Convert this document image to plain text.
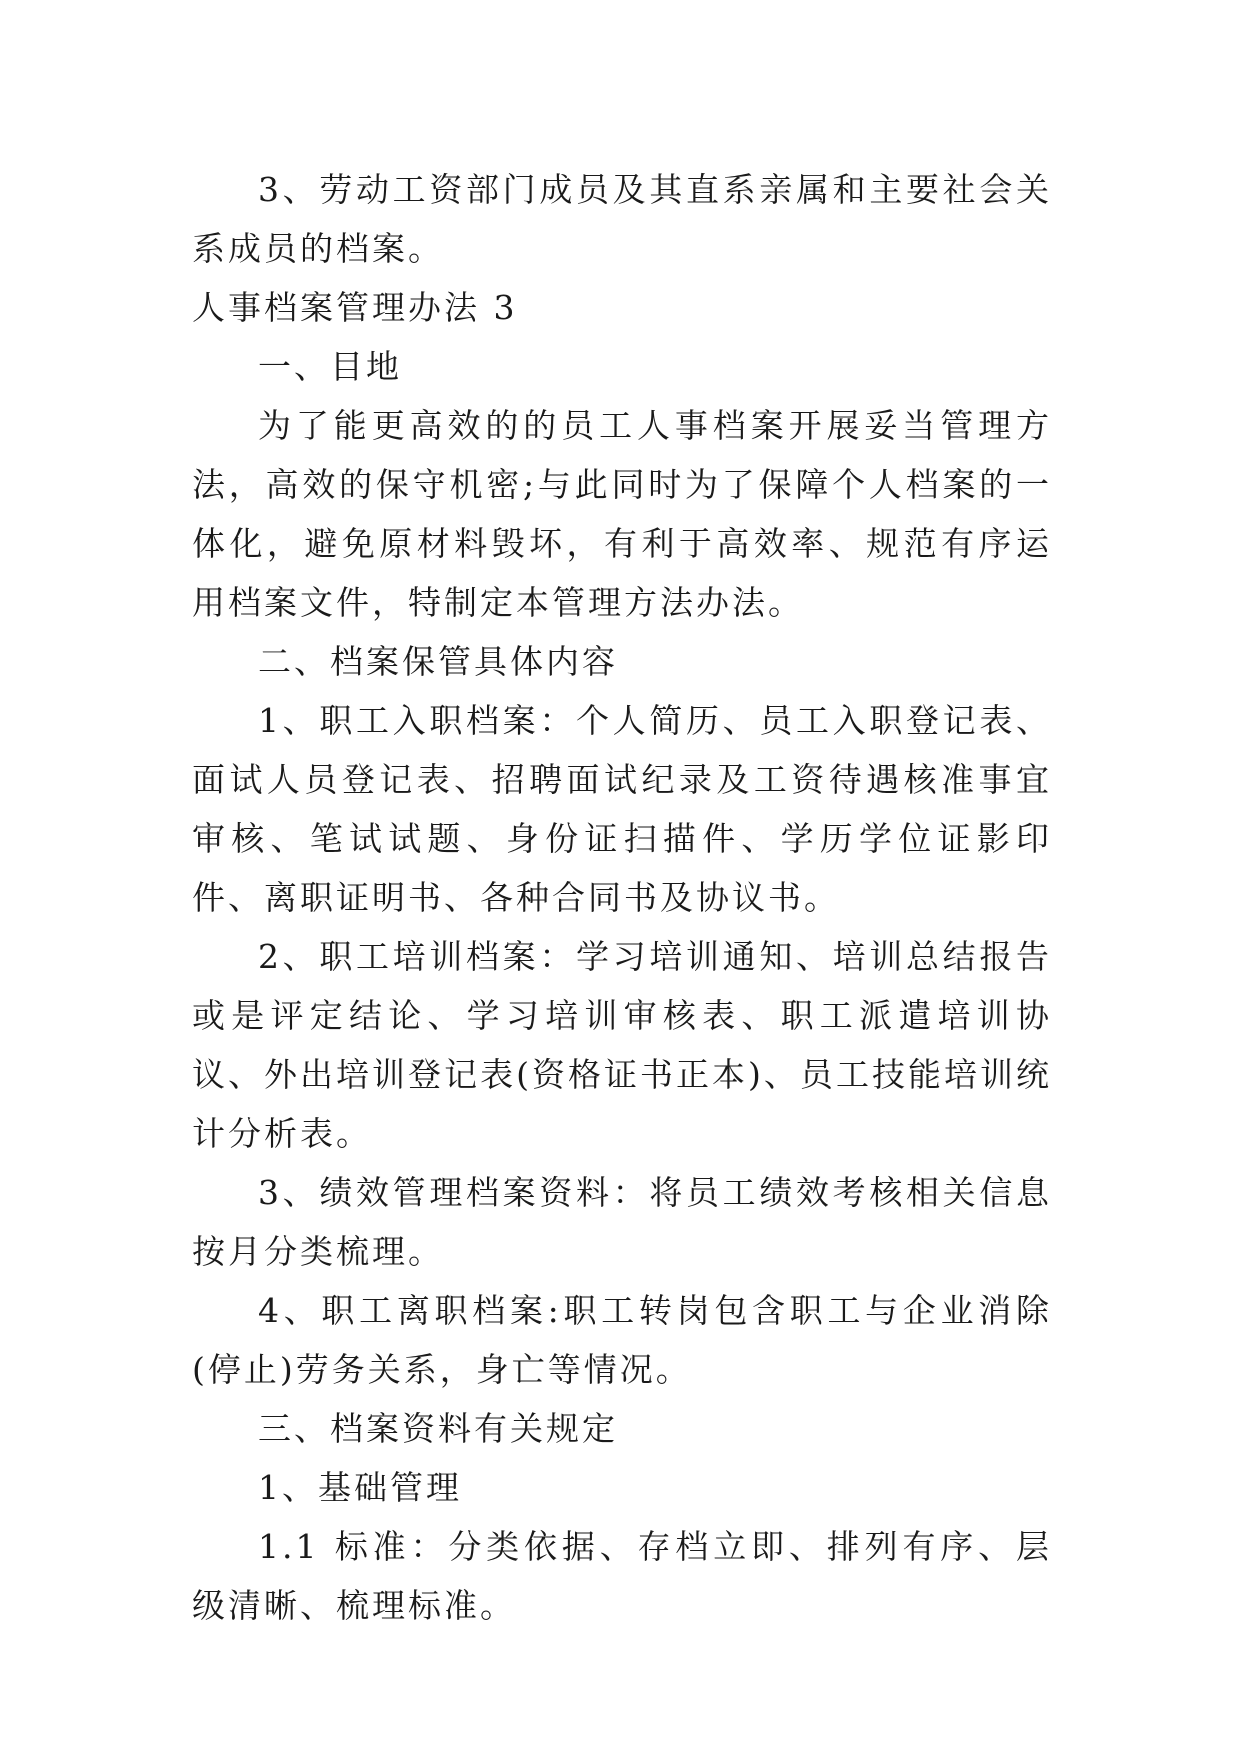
3、劳动工资部门成员及其直系亲属和主要社会关系成员的档案。

人事档案管理办法 3

一、目地

为了能更高效的的员工人事档案开展妥当管理方法，高效的保守机密;与此同时为了保障个人档案的一体化，避免原材料毁坏，有利于高效率、规范有序运用档案文件，特制定本管理方法办法。

二、档案保管具体内容

1、职工入职档案：个人简历、员工入职登记表、面试人员登记表、招聘面试纪录及工资待遇核准事宜审核、笔试试题、身份证扫描件、学历学位证影印件、离职证明书、各种合同书及协议书。

2、职工培训档案：学习培训通知、培训总结报告或是评定结论、学习培训审核表、职工派遣培训协议、外出培训登记表(资格证书正本)、员工技能培训统计分析表。

3、绩效管理档案资料：将员工绩效考核相关信息按月分类梳理。

4、职工离职档案:职工转岗包含职工与企业消除(停止)劳务关系，身亡等情况。

三、档案资料有关规定

1、基础管理

1.1 标准：分类依据、存档立即、排列有序、层级清晰、梳理标准。
